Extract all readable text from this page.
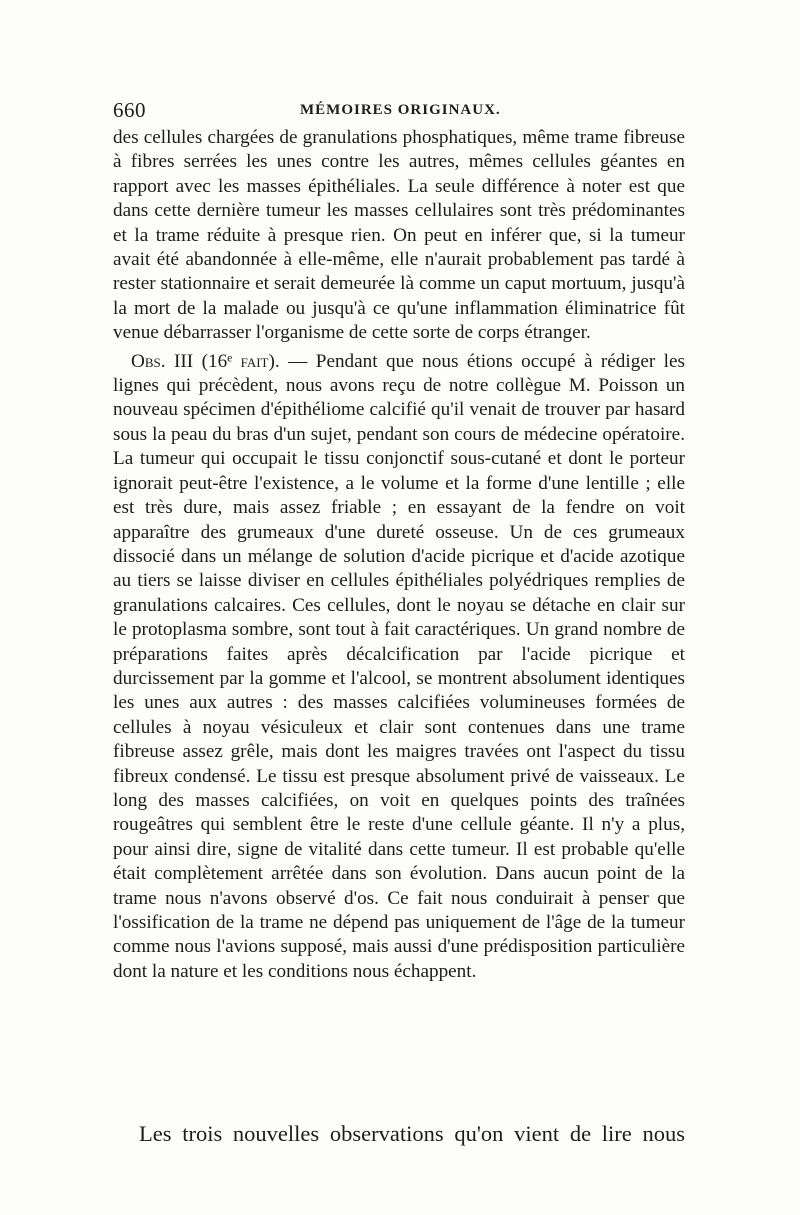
660	MÉMOIRES ORIGINAUX.

des cellules chargées de granulations phosphatiques, même trame fibreuse à fibres serrées les unes contre les autres, mêmes cellules géantes en rapport avec les masses épithéliales. La seule différence à noter est que dans cette dernière tumeur les masses cellulaires sont très prédominantes et la trame réduite à presque rien. On peut en inférer que, si la tumeur avait été abandonnée à elle-même, elle n'aurait probablement pas tardé à rester stationnaire et serait demeurée là comme un caput mortuum, jusqu'à la mort de la malade ou jusqu'à ce qu'une inflammation éliminatrice fût venue débarrasser l'organisme de cette sorte de corps étranger.

Obs. III (16ᵉ fait). — Pendant que nous étions occupé à rédiger les lignes qui précèdent, nous avons reçu de notre collègue M. Poisson un nouveau spécimen d'épithéliome calcifié qu'il venait de trouver par hasard sous la peau du bras d'un sujet, pendant son cours de médecine opératoire. La tumeur qui occupait le tissu conjonctif sous-cutané et dont le porteur ignorait peut-être l'existence, a le volume et la forme d'une lentille ; elle est très dure, mais assez friable ; en essayant de la fendre on voit apparaître des grumeaux d'une dureté osseuse. Un de ces grumeaux dissocié dans un mélange de solution d'acide picrique et d'acide azotique au tiers se laisse diviser en cellules épithéliales polyédriques remplies de granulations calcaires. Ces cellules, dont le noyau se détache en clair sur le protoplasma sombre, sont tout à fait caractériques. Un grand nombre de préparations faites après décalcification par l'acide picrique et durcissement par la gomme et l'alcool, se montrent absolument identiques les unes aux autres : des masses calcifiées volumineuses formées de cellules à noyau vésiculeux et clair sont contenues dans une trame fibreuse assez grêle, mais dont les maigres travées ont l'aspect du tissu fibreux condensé. Le tissu est presque absolument privé de vaisseaux. Le long des masses calcifiées, on voit en quelques points des traînées rougeâtres qui semblent être le reste d'une cellule géante. Il n'y a plus, pour ainsi dire, signe de vitalité dans cette tumeur. Il est probable qu'elle était complètement arrêtée dans son évolution. Dans aucun point de la trame nous n'avons observé d'os. Ce fait nous conduirait à penser que l'ossification de la trame ne dépend pas uniquement de l'âge de la tumeur comme nous l'avions supposé, mais aussi d'une prédisposition particulière dont la nature et les conditions nous échappent.

Les trois nouvelles observations qu'on vient de lire nous
